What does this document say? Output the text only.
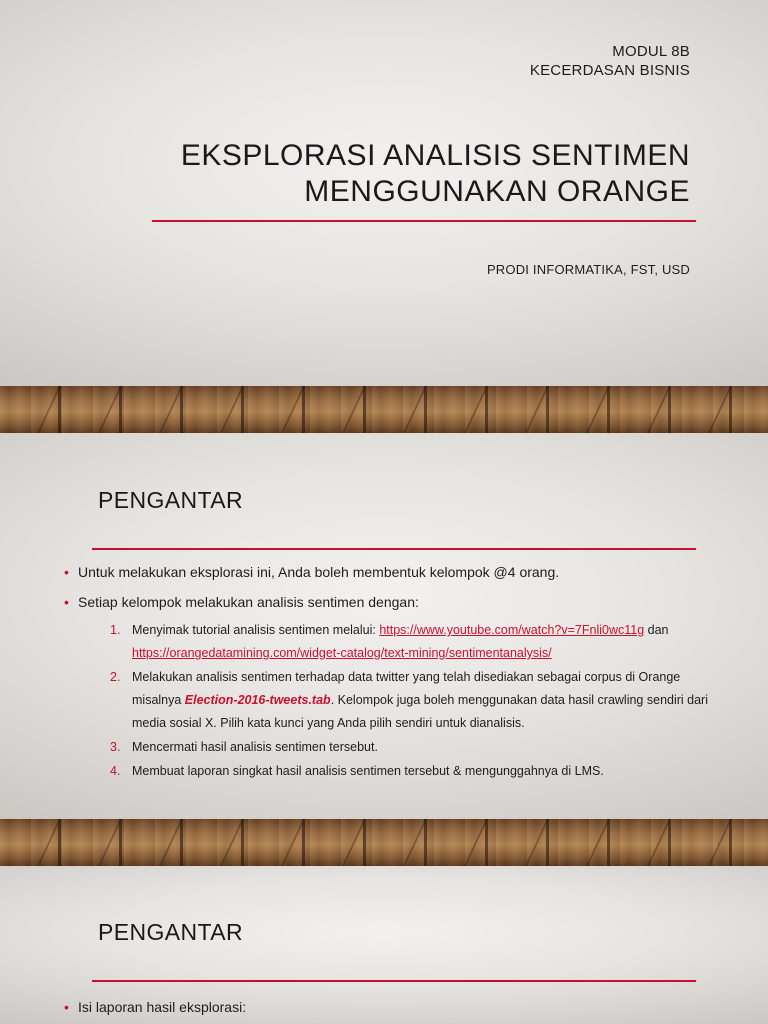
MODUL 8B
KECERDASAN BISNIS
EKSPLORASI ANALISIS SENTIMEN
MENGGUNAKAN ORANGE
PRODI INFORMATIKA, FST, USD
PENGANTAR
• Untuk melakukan eksplorasi ini, Anda boleh membentuk kelompok @4 orang.
• Setiap kelompok melakukan analisis sentimen dengan:
1. Menyimak tutorial analisis sentimen melalui: https://www.youtube.com/watch?v=7Fnli0wc11g dan
https://orangedatamining.com/widget-catalog/text-mining/sentimentanalysis/
2. Melakukan analisis sentimen terhadap data twitter yang telah disediakan sebagai corpus di Orange misalnya Election-2016-tweets.tab. Kelompok juga boleh menggunakan data hasil crawling sendiri dari media sosial X. Pilih kata kunci yang Anda pilih sendiri untuk dianalisis.
3. Mencermati hasil analisis sentimen tersebut.
4. Membuat laporan singkat hasil analisis sentimen tersebut & mengunggahnya di LMS.
PENGANTAR
• Isi laporan hasil eksplorasi:
